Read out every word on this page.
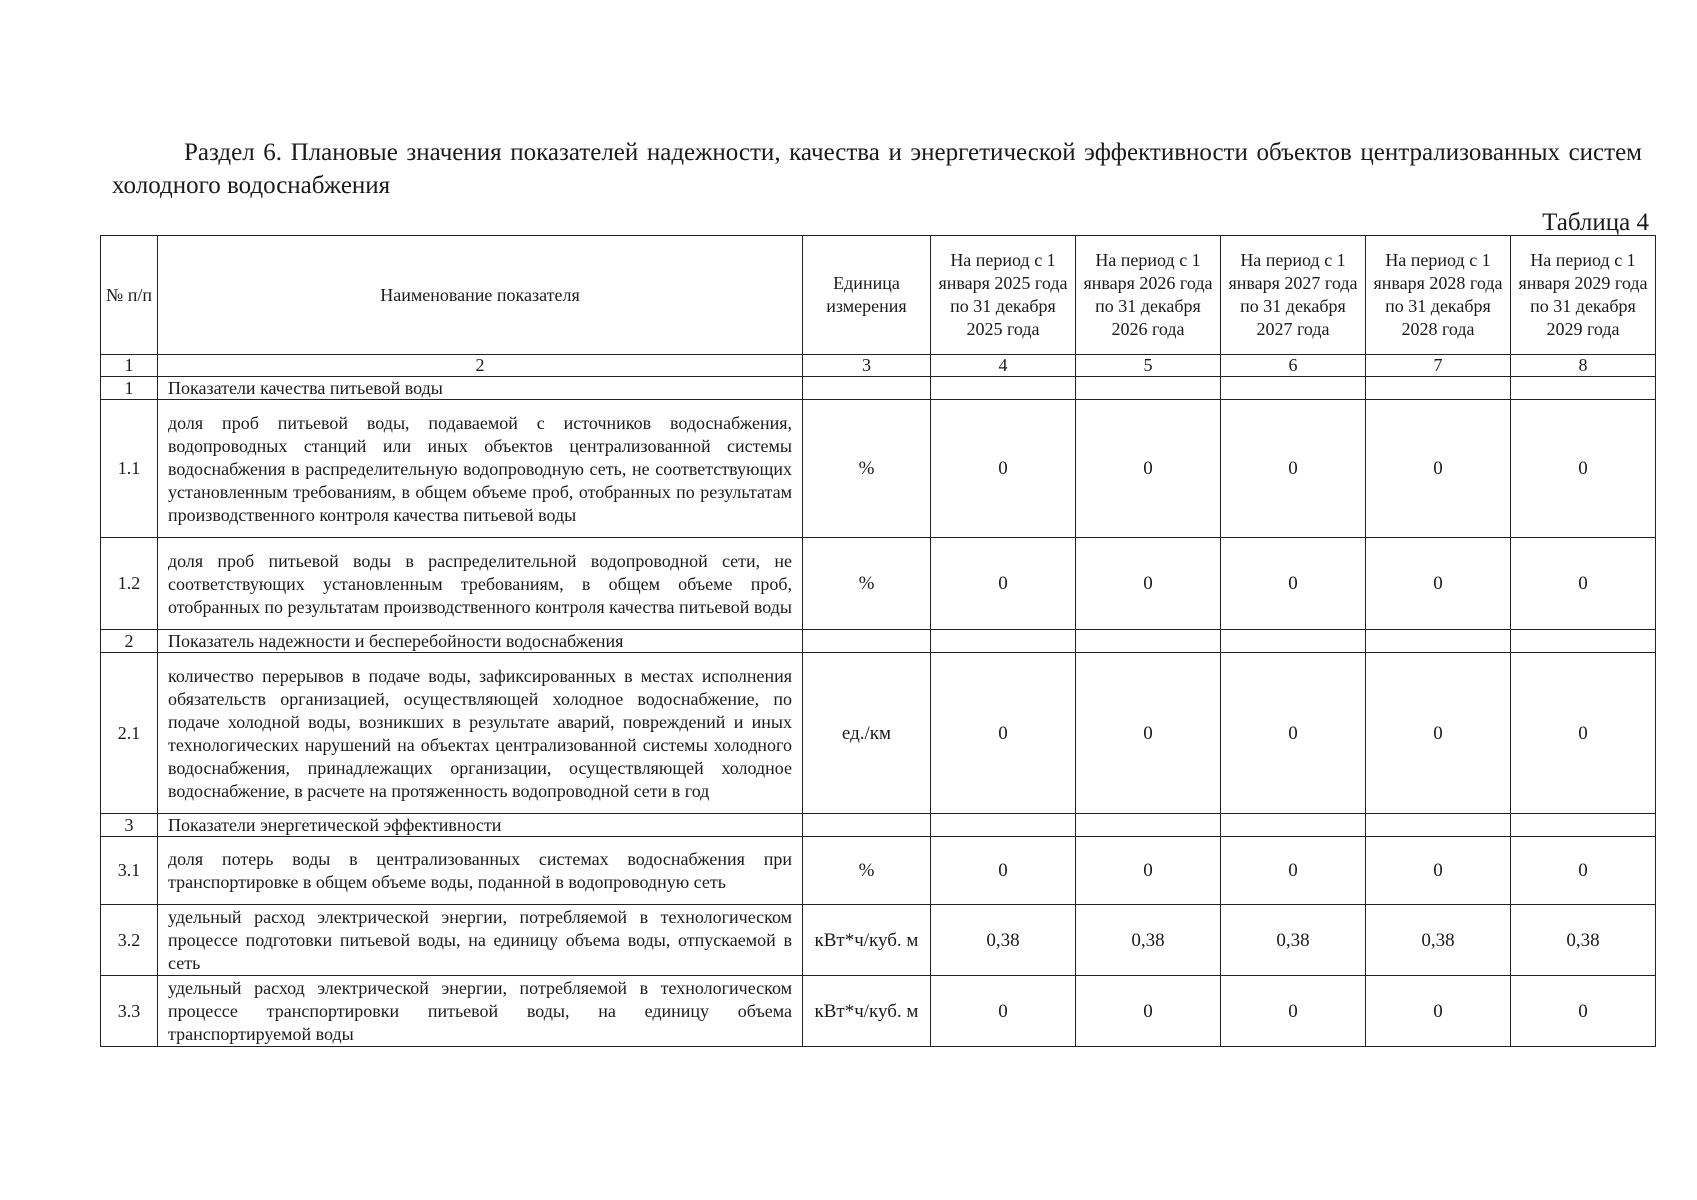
Раздел 6. Плановые значения показателей надежности, качества и энергетической эффективности объектов централизованных систем холодного водоснабжения
Таблица 4
№ п/п	Наименование показателя	Единица измерения	На период с 1 января 2025 года по 31 декабря 2025 года	На период с 1 января 2026 года по 31 декабря 2026 года	На период с 1 января 2027 года по 31 декабря 2027 года	На период с 1 января 2028 года по 31 декабря 2028 года	На период с 1 января 2029 года по 31 декабря 2029 года
1	2	3	4	5	6	7	8
1	Показатели качества питьевой воды						
1.1	доля проб питьевой воды, подаваемой с источников водоснабжения, водопроводных станций или иных объектов централизованной системы водоснабжения в распределительную водопроводную сеть, не соответствующих установленным требованиям, в общем объеме проб, отобранных по результатам производственного контроля качества питьевой воды	%	0	0	0	0	0
1.2	доля проб питьевой воды в распределительной водопроводной сети, не соответствующих установленным требованиям, в общем объеме проб, отобранных по результатам производственного контроля качества питьевой воды	%	0	0	0	0	0
2	Показатель надежности и бесперебойности водоснабжения						
2.1	количество перерывов в подаче воды, зафиксированных в местах исполнения обязательств организацией, осуществляющей холодное водоснабжение, по подаче холодной воды, возникших в результате аварий, повреждений и иных технологических нарушений на объектах централизованной системы холодного водоснабжения, принадлежащих организации, осуществляющей холодное водоснабжение, в расчете на протяженность водопроводной сети в год	ед./км	0	0	0	0	0
3	Показатели энергетической эффективности						
3.1	доля потерь воды в централизованных системах водоснабжения при транспортировке в общем объеме воды, поданной в водопроводную сеть	%	0	0	0	0	0
3.2	удельный расход электрической энергии, потребляемой в технологическом процессе подготовки питьевой воды, на единицу объема воды, отпускаемой в сеть	кВт*ч/куб. м	0,38	0,38	0,38	0,38	0,38
3.3	удельный расход электрической энергии, потребляемой в технологическом процессе транспортировки питьевой воды, на единицу объема транспортируемой воды	кВт*ч/куб. м	0	0	0	0	0
